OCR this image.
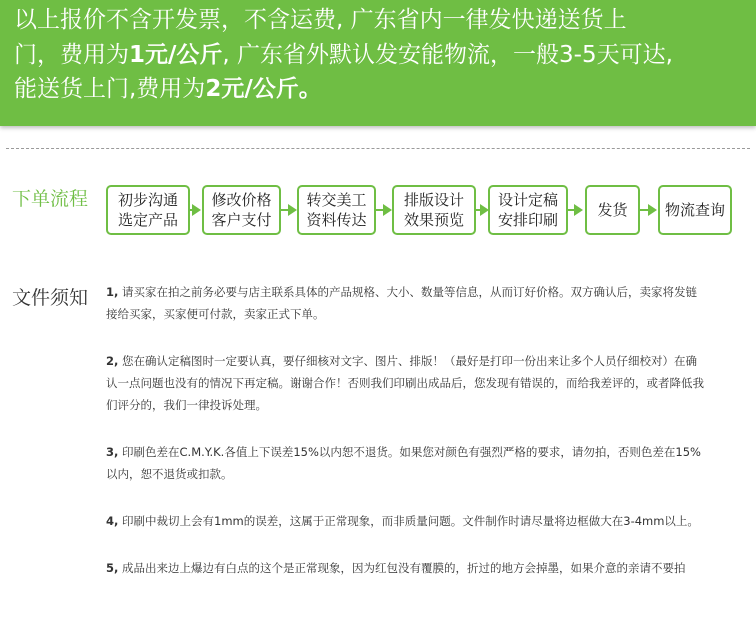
以上报价不含开发票，不含运费, 广东省内一律发快递送货上
门，费用为1元/公斤, 广东省外默认发安能物流，一般3-5天可达,
能送货上门,费用为2元/公斤。
下单流程 初步沟通
选定产品
修改价格
客户支付
转交美工
资料传达
排版设计
效果预览
设计定稿
安排印刷
发货 物流查询
文件须知 1, 请买家在拍之前务必要与店主联系具体的产品规格、大小、数量等信息，从而订好价格。双方确认后，卖家将发链接给买家，买家便可付款，卖家正式下单。

2, 您在确认定稿图时一定要认真，要仔细核对文字、图片、排版！（最好是打印一份出来让多个人员仔细校对）在确认一点问题也没有的情况下再定稿。谢谢合作！否则我们印刷出成品后，您发现有错误的，而给我差评的，或者降低我们评分的，我们一律投诉处理。

3, 印刷色差在C.M.Y.K.各值上下误差15%以内恕不退货。如果您对颜色有强烈严格的要求，请勿拍，否则色差在15%以内，恕不退货或扣款。

4, 印刷中裁切上会有1mm的误差，这属于正常现象，而非质量问题。文件制作时请尽量将边框做大在3-4mm以上。

5, 成品出来边上爆边有白点的这个是正常现象，因为红包没有覆膜的，折过的地方会掉墨，如果介意的亲请不要拍
